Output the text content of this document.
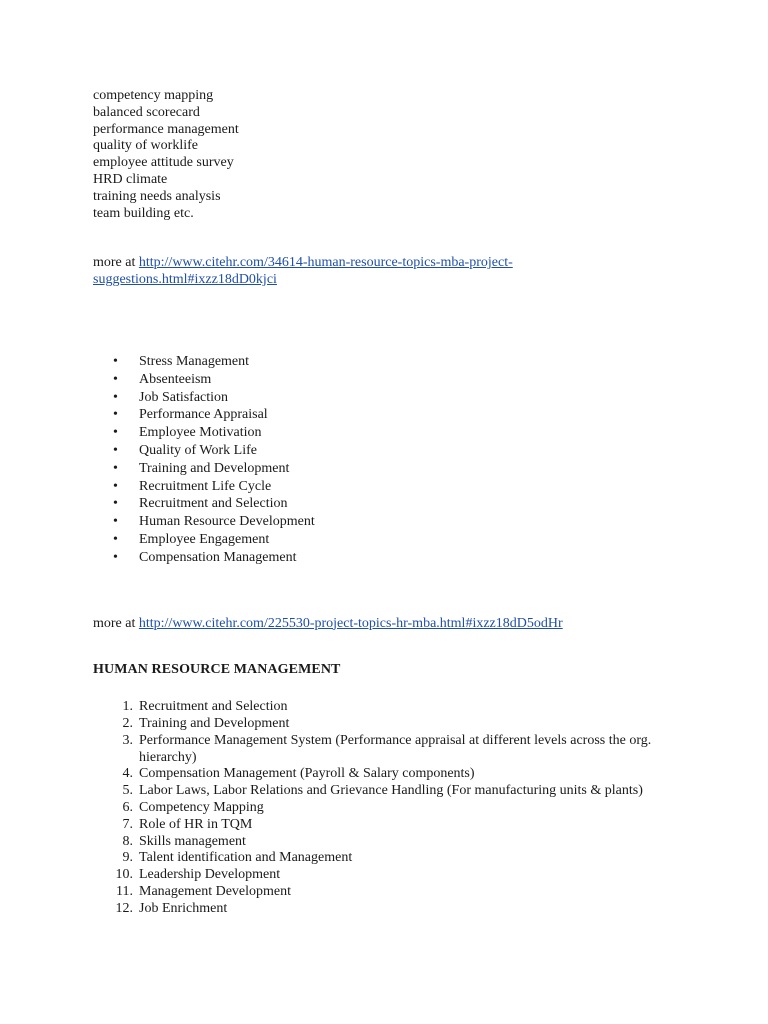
competency mapping
balanced scorecard
performance management
quality of worklife
employee attitude survey
HRD climate
training needs analysis
team building etc.
more at http://www.citehr.com/34614-human-resource-topics-mba-project-
suggestions.html#ixzz18dD0kjci
• Stress Management
• Absenteeism
• Job Satisfaction
• Performance Appraisal
• Employee Motivation
• Quality of Work Life
• Training and Development
• Recruitment Life Cycle
• Recruitment and Selection
• Human Resource Development
• Employee Engagement
• Compensation Management
more at http://www.citehr.com/225530-project-topics-hr-mba.html#ixzz18dD5odHr
HUMAN RESOURCE MANAGEMENT
1. Recruitment and Selection
2. Training and Development
3. Performance Management System (Performance appraisal at different levels across the org. hierarchy)
4. Compensation Management (Payroll & Salary components)
5. Labor Laws, Labor Relations and Grievance Handling (For manufacturing units & plants)
6. Competency Mapping
7. Role of HR in TQM
8. Skills management
9. Talent identification and Management
10. Leadership Development
11. Management Development
12. Job Enrichment
